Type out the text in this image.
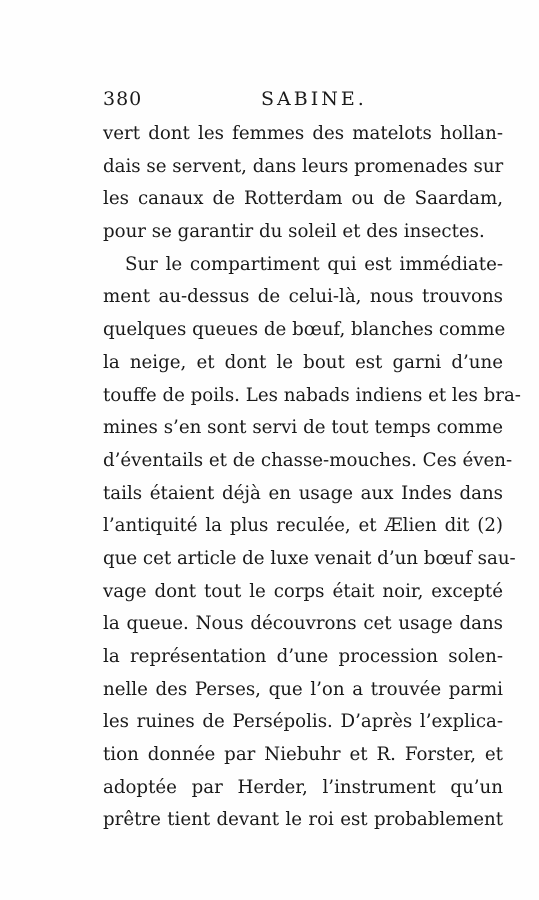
380	SABINE.
vert dont les femmes des matelots hollan-
dais se servent, dans leurs promenades sur
les canaux de Rotterdam ou de Saardam,
pour se garantir du soleil et des insectes.
Sur le compartiment qui est immédiate-
ment au-dessus de celui-là, nous trouvons
quelques queues de bœuf, blanches comme
la neige, et dont le bout est garni d’une
touffe de poils. Les nabads indiens et les bra-
mines s’en sont servi de tout temps comme
d’éventails et de chasse-mouches. Ces éven-
tails étaient déjà en usage aux Indes dans
l’antiquité la plus reculée, et Ælien dit (2)
que cet article de luxe venait d’un bœuf sau-
vage dont tout le corps était noir, excepté
la queue. Nous découvrons cet usage dans
la représentation d’une procession solen-
nelle des Perses, que l’on a trouvée parmi
les ruines de Persépolis. D’après l’explica-
tion donnée par Niebuhr et R. Forster, et
adoptée par Herder, l’instrument qu’un
prêtre tient devant le roi est probablement
